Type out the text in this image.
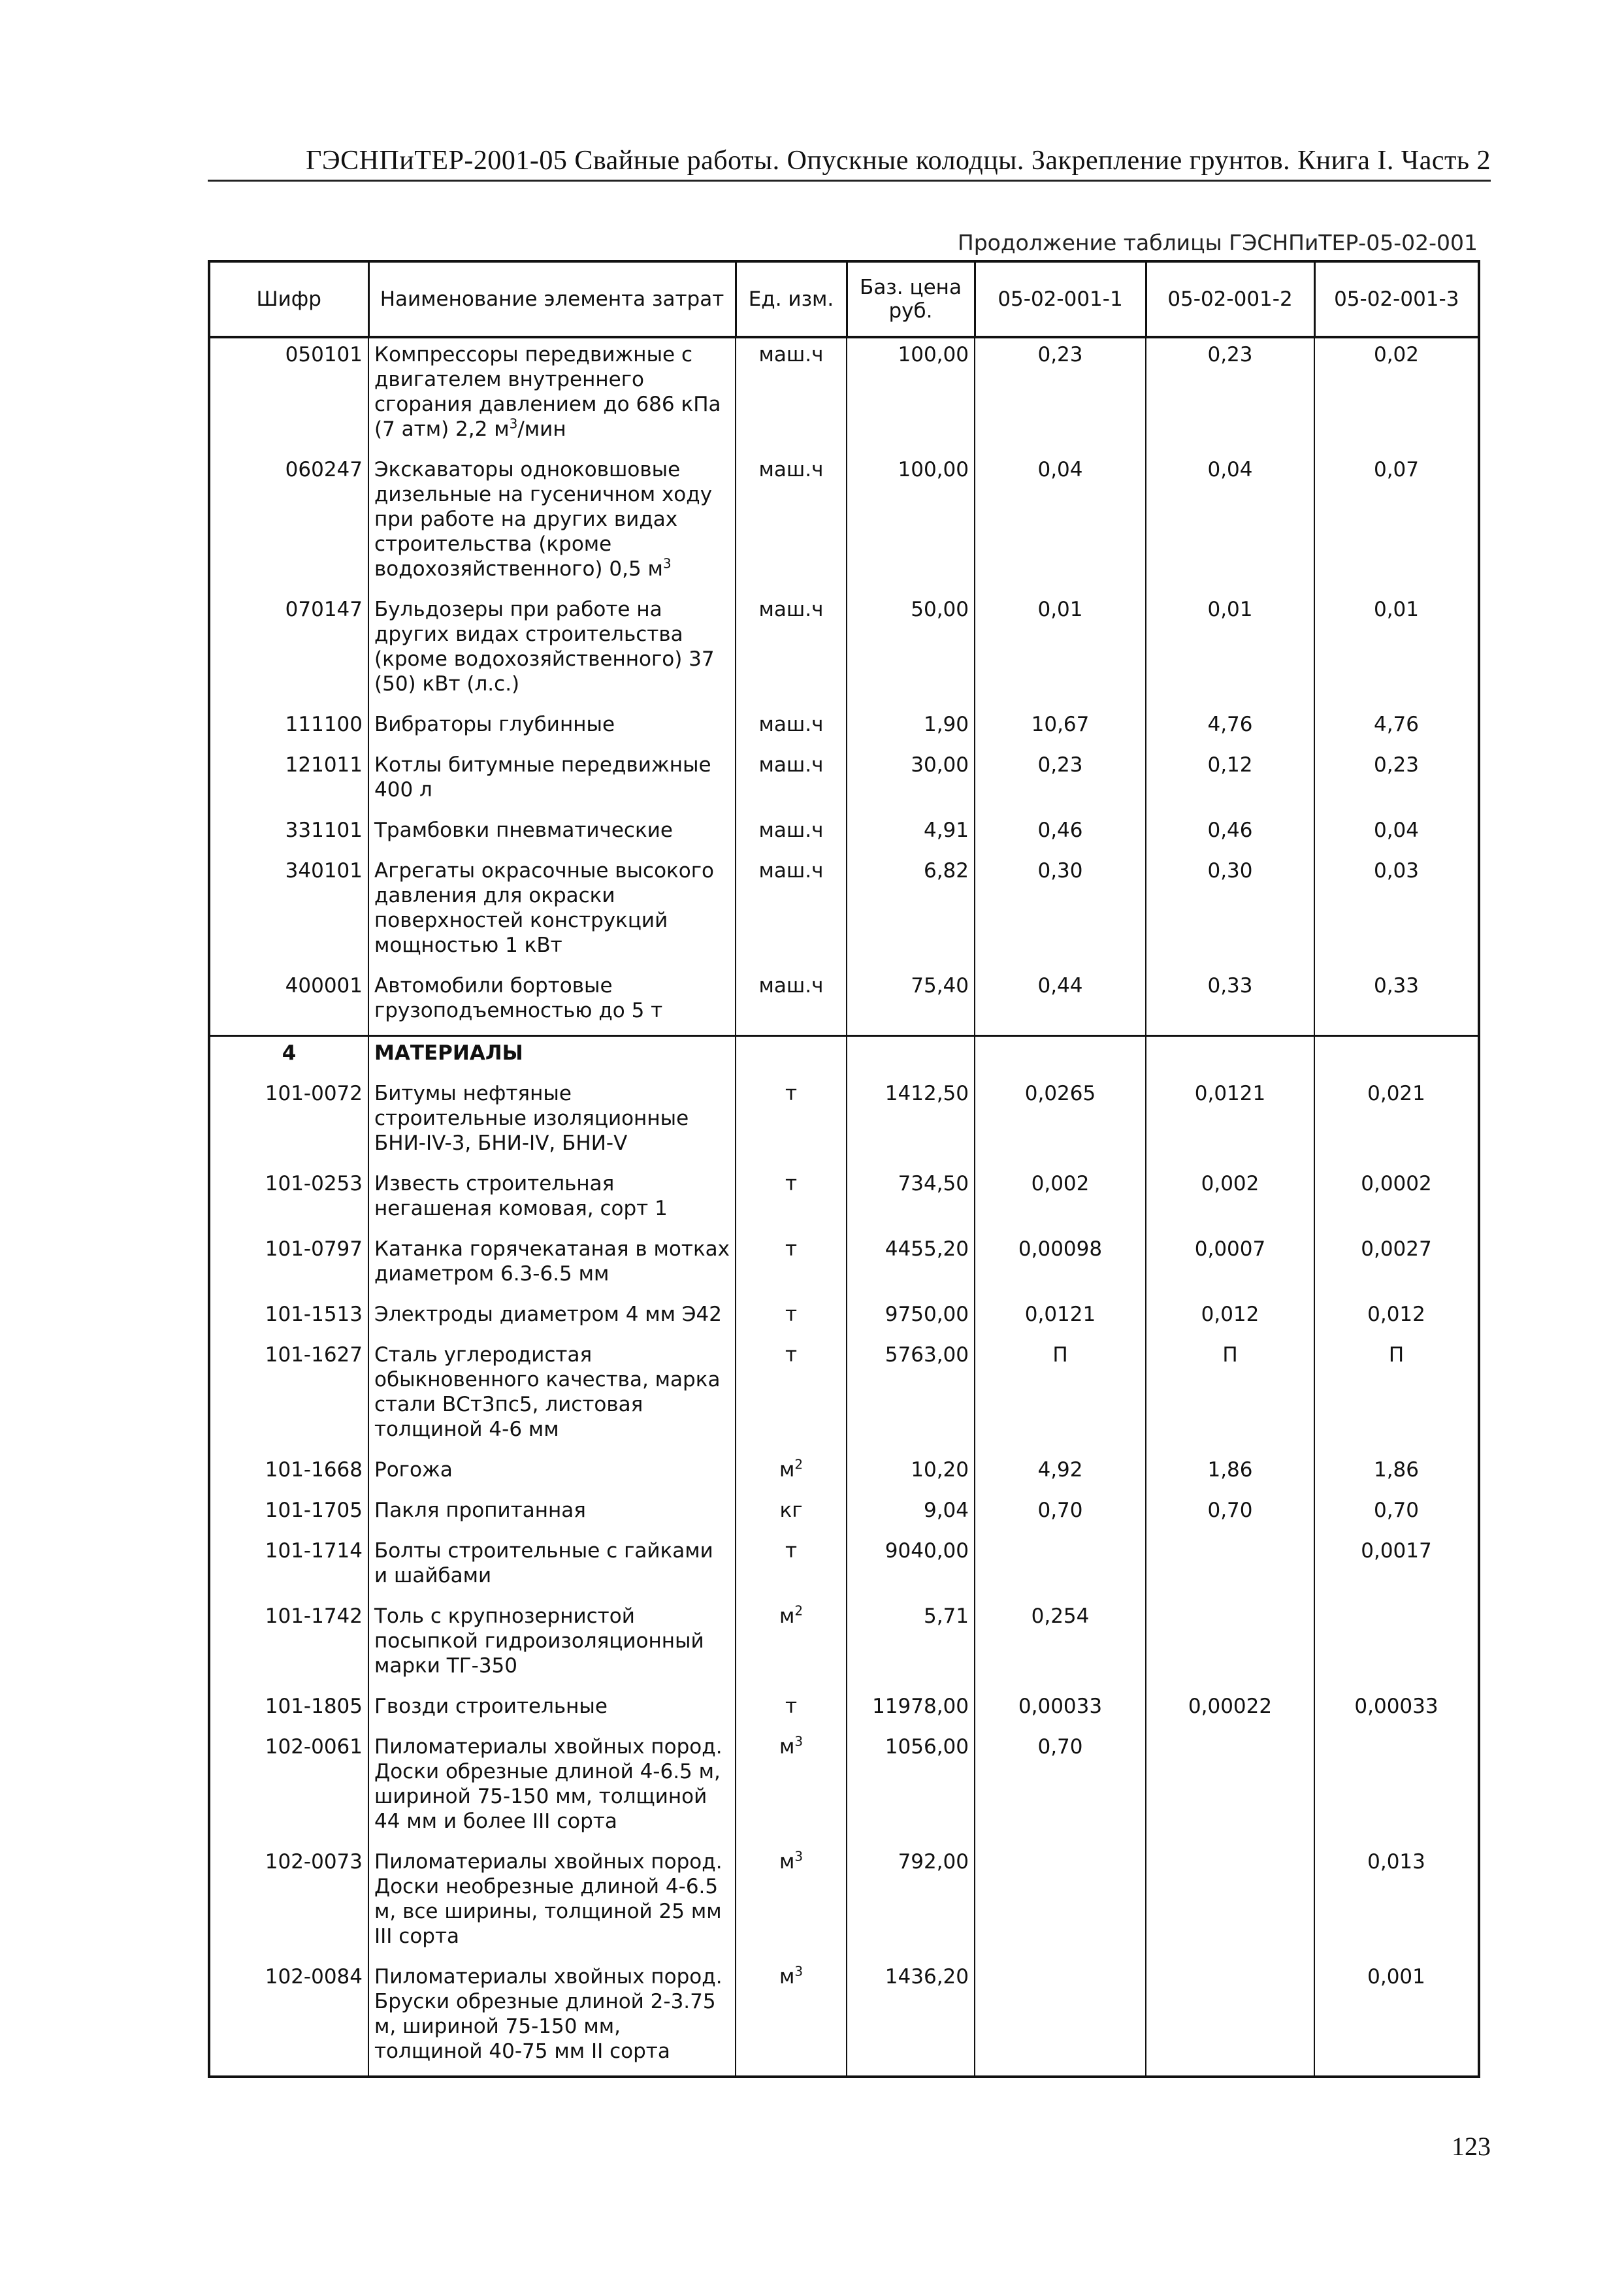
ГЭСНПиТЕР-2001-05 Свайные работы. Опускные колодцы. Закрепление грунтов. Книга I. Часть 2
Продолжение таблицы ГЭСНПиТЕР-05-02-001
Шифр	Наименование элемента затрат	Ед. изм.	Баз. цена руб.	05-02-001-1	05-02-001-2	05-02-001-3
050101	Компрессоры передвижные с двигателем внутреннего сгорания давлением до 686 кПа (7 атм) 2,2 $м^3$/мин	маш.ч	100,00	0,23	0,23	0,02
060247	Экскаваторы одноковшовые дизельные на гусеничном ходу при работе на других видах строительства (кроме водохозяйственного) 0,5 $м^3$	маш.ч	100,00	0,04	0,04	0,07
070147	Бульдозеры при работе на других видах строительства (кроме водохозяйственного) 37 (50) кВт (л.с.)	маш.ч	50,00	0,01	0,01	0,01
111100	Вибраторы глубинные	маш.ч	1,90	10,67	4,76	4,76
121011	Котлы битумные передвижные 400 л	маш.ч	30,00	0,23	0,12	0,23
331101	Трамбовки пневматические	маш.ч	4,91	0,46	0,46	0,04
340101	Агрегаты окрасочные высокого давления для окраски поверхностей конструкций мощностью 1 кВт	маш.ч	6,82	0,30	0,30	0,03
400001	Автомобили бортовые грузоподъемностью до 5 т	маш.ч	75,40	0,44	0,33	0,33
4	МАТЕРИАЛЫ					
101-0072	Битумы нефтяные строительные изоляционные БНИ-IV-3, БНИ-IV, БНИ-V	т	1412,50	0,0265	0,0121	0,021
101-0253	Известь строительная негашеная комовая, сорт 1	т	734,50	0,002	0,002	0,0002
101-0797	Катанка горячекатаная в мотках диаметром 6.3-6.5 мм	т	4455,20	0,00098	0,0007	0,0027
101-1513	Электроды диаметром 4 мм Э42	т	9750,00	0,0121	0,012	0,012
101-1627	Сталь углеродистая обыкновенного качества, марка стали ВСт3пс5, листовая толщиной 4-6 мм	т	5763,00	П	П	П
101-1668	Рогожа	$м^2$	10,20	4,92	1,86	1,86
101-1705	Пакля пропитанная	кг	9,04	0,70	0,70	0,70
101-1714	Болты строительные с гайками и шайбами	т	9040,00			0,0017
101-1742	Толь с крупнозернистой посыпкой гидроизоляционный марки ТГ-350	$м^2$	5,71	0,254		
101-1805	Гвозди строительные	т	11978,00	0,00033	0,00022	0,00033
102-0061	Пиломатериалы хвойных пород. Доски обрезные длиной 4-6.5 м, шириной 75-150 мм, толщиной 44 мм и более III сорта	$м^3$	1056,00	0,70		
102-0073	Пиломатериалы хвойных пород. Доски необрезные длиной 4-6.5 м, все ширины, толщиной 25 мм III сорта	$м^3$	792,00			0,013
102-0084	Пиломатериалы хвойных пород. Бруски обрезные длиной 2-3.75 м, шириной 75-150 мм, толщиной 40-75 мм II сорта	$м^3$	1436,20			0,001
123
